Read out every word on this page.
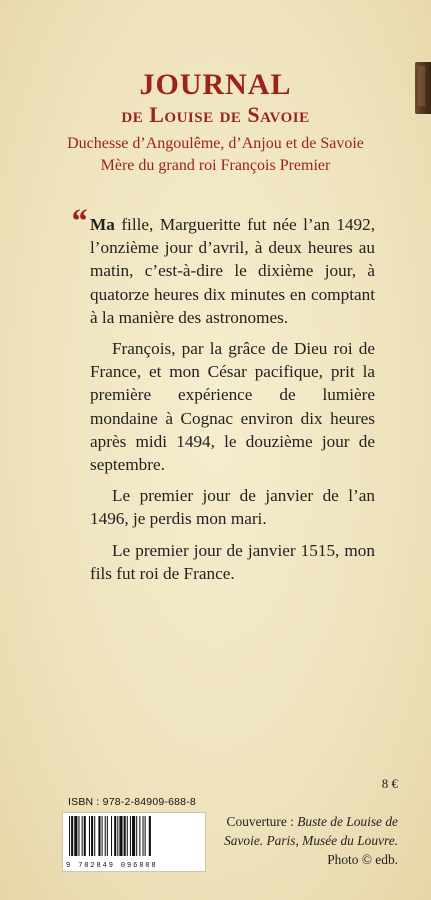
JOURNAL
de Louise de Savoie
Duchesse d’Angoulême, d’Anjou et de Savoie
Mère du grand roi François Premier

“ Ma fille, Margueritte fut née l’an 1492, l’onzième jour d’avril, à deux heures au matin, c’est-à-dire le dixième jour, à quatorze heures dix minutes en comptant à la manière des astronomes.

François, par la grâce de Dieu roi de France, et mon César pacifique, prit la première expérience de lumière mondaine à Cognac environ dix heures après midi 1494, le douzième jour de septembre.

Le premier jour de janvier de l’an 1496, je perdis mon mari.

Le premier jour de janvier 1515, mon fils fut roi de France.

8 €
ISBN : 978-2-84909-688-8
9 782849 096888
Couverture : Buste de Louise de Savoie. Paris, Musée du Louvre.
Photo © edb.
